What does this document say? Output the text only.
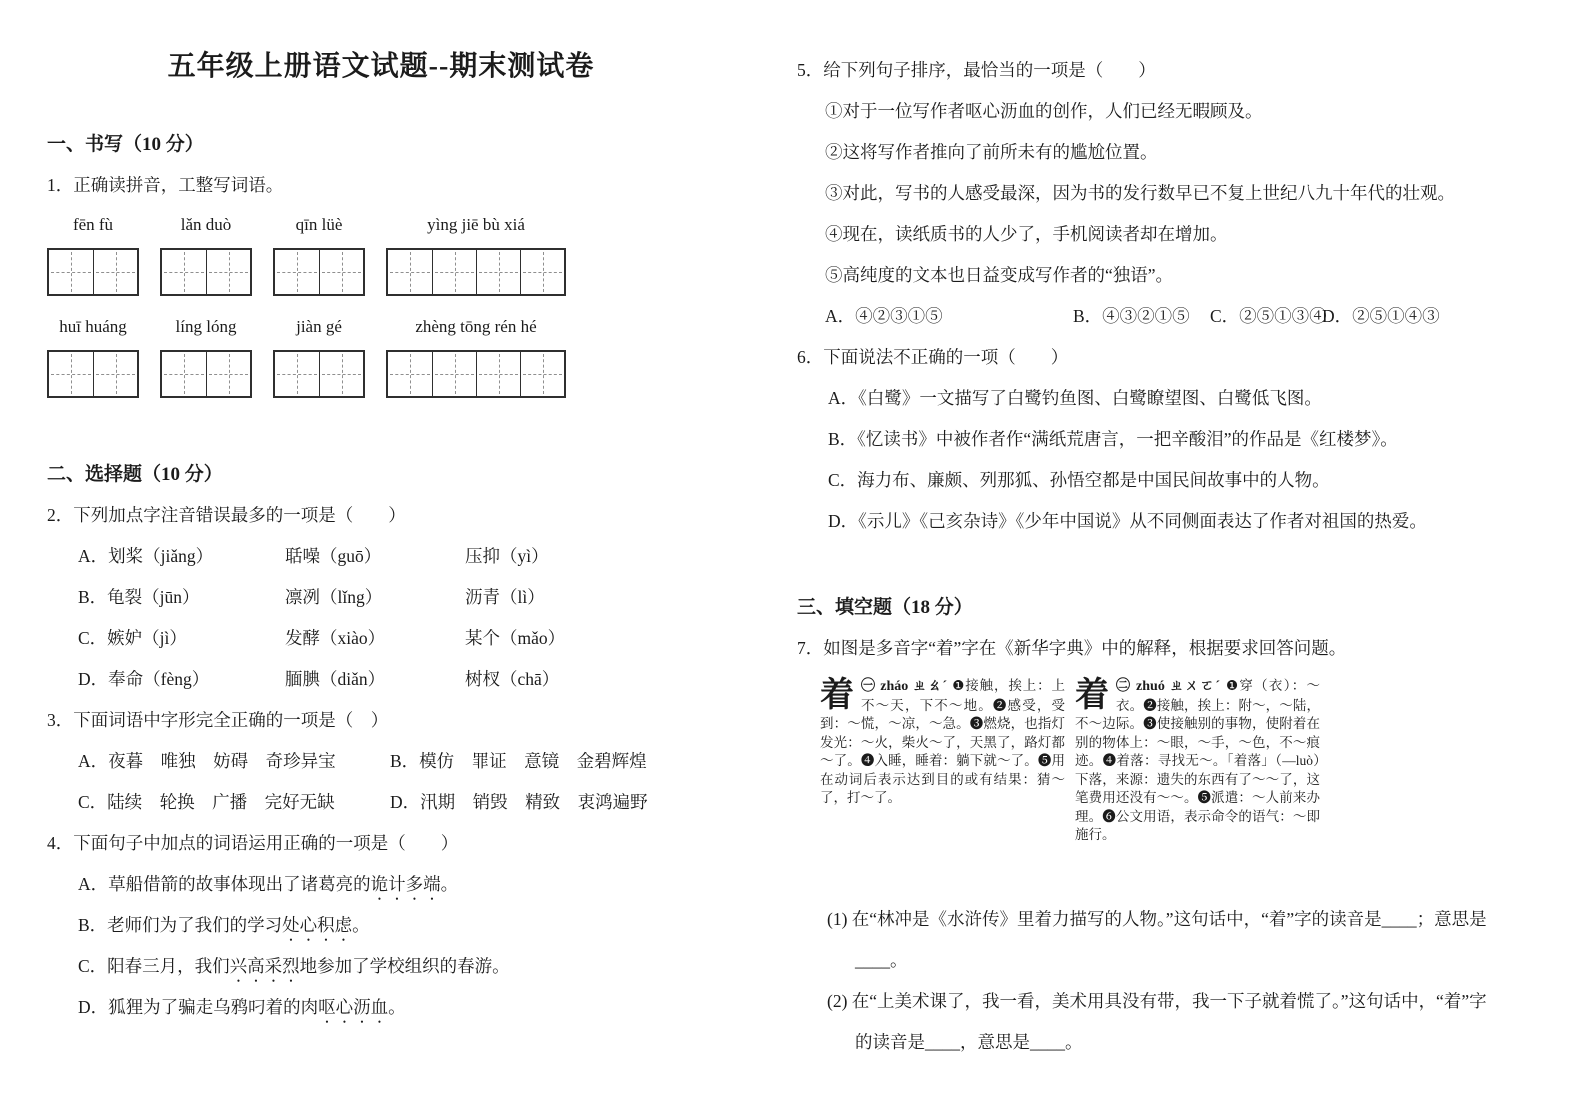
五年级上册语文试题--期末测试卷
一、书写（10 分）
1．正确读拼音，工整写词语。
fēn fù	lǎn duò	qīn lüè	yìng jiē bù xiá
huī huáng	líng lóng	jiàn gé	zhèng tōng rén hé
二、选择题（10 分）
2．下列加点字注音错误最多的一项是（　　）
A．划桨（jiǎng）	聒噪（guō）	压抑（yì）
B．龟裂（jūn）	凛冽（lǐng）	沥青（lì）
C．嫉妒（jì）	发酵（xiào）	某个（mǎo）
D．奉命（fèng）	腼腆（diǎn）	树杈（chā）
3．下面词语中字形完全正确的一项是（　）
A．夜暮　唯独　妨碍　奇珍异宝	B．模仿　罪证　意镜　金碧辉煌
C．陆续　轮换　广播　完好无缺	D．汛期　销毁　精致　衷鸿遍野
4．下面句子中加点的词语运用正确的一项是（　　）
A．草船借箭的故事体现出了诸葛亮的诡计多端。
B．老师们为了我们的学习处心积虑。
C．阳春三月，我们兴高采烈地参加了学校组织的春游。
D．狐狸为了骗走乌鸦叼着的肉呕心沥血。
5．给下列句子排序，最恰当的一项是（　　）
①对于一位写作者呕心沥血的创作，人们已经无暇顾及。
②这将写作者推向了前所未有的尴尬位置。
③对此，写书的人感受最深，因为书的发行数早已不复上世纪八九十年代的壮观。
④现在，读纸质书的人少了，手机阅读者却在增加。
⑤高纯度的文本也日益变成写作者的“独语”。
A．④②③①⑤	B．④③②①⑤	C．②⑤①③④
D．②⑤①④③
6．下面说法不正确的一项（　　）
A．《白鹭》一文描写了白鹭钓鱼图、白鹭瞭望图、白鹭低飞图。
B．《忆读书》中被作者作“满纸荒唐言，一把辛酸泪”的作品是《红楼梦》。
C．海力布、廉颇、列那狐、孙悟空都是中国民间故事中的人物。
D．《示儿》《己亥杂诗》《少年中国说》从不同侧面表达了作者对祖国的热爱。
三、填空题（18 分）
7．如图是多音字“着”字在《新华字典》中的解释，根据要求回答问题。
着 ㊀ zháo ㄓㄠˊ ❶接触，挨上：上不～天，下不～地。❷感受，受到：～慌，～凉，～急。❸燃烧，也指灯发光：～火，柴火～了，天黑了，路灯都～了。❹入睡，睡着：躺下就～了。❺用在动词后表示达到目的或有结果：猜～了，打～了。
着 ㊁ zhuó ㄓㄨㄛˊ ❶穿（衣）：～衣。❷接触，挨上：附～，～陆，不～边际。❸使接触别的事物，使附着在别的物体上：～眼，～手，～色，不～痕迹。❹着落：寻找无～。「着落」（—luò）下落，来源：遗失的东西有了～～了，这笔费用还没有～～。❺派遣：～人前来办理。❻公文用语，表示命令的语气：～即施行。
(1) 在“林冲是《水浒传》里着力描写的人物。”这句话中，“着”字的读音是____；意思是
____。
(2) 在“上美术课了，我一看，美术用具没有带，我一下子就着慌了。”这句话中，“着”字
的读音是____，意思是____。
